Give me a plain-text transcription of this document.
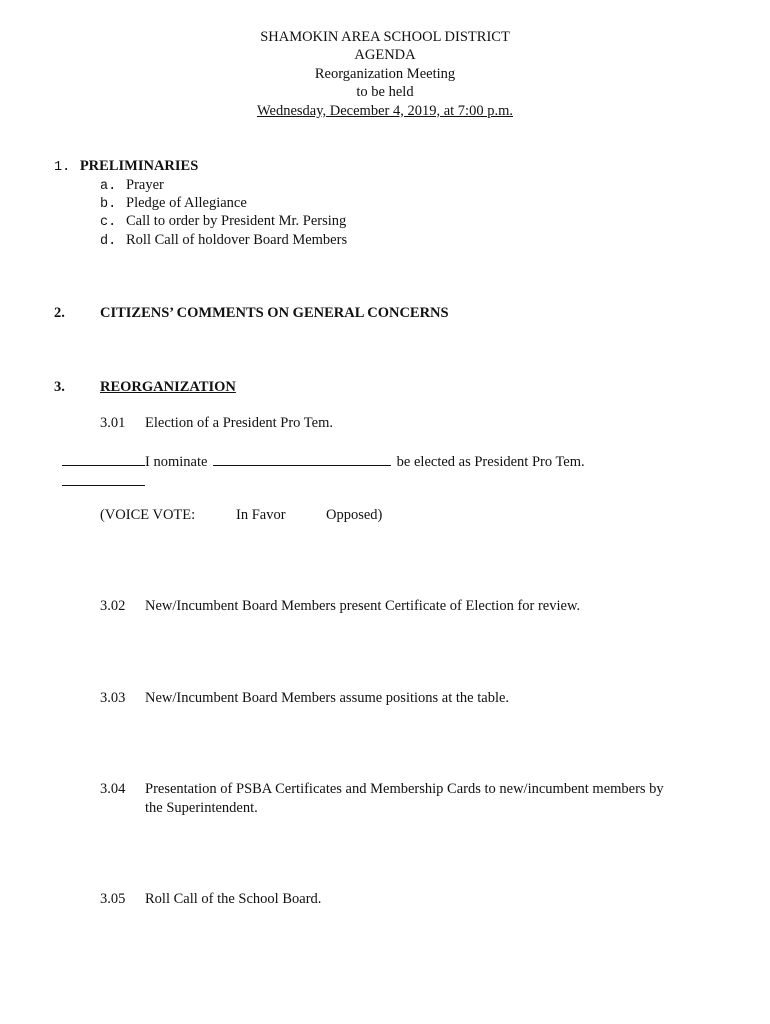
SHAMOKIN AREA SCHOOL DISTRICT
AGENDA
Reorganization Meeting
to be held
Wednesday, December 4, 2019, at 7:00 p.m.
1. PRELIMINARIES
a. Prayer
b. Pledge of Allegiance
c. Call to order by President Mr. Persing
d. Roll Call of holdover Board Members
2. CITIZENS’ COMMENTS ON GENERAL CONCERNS
3. REORGANIZATION
3.01 Election of a President Pro Tem.
I nominate	be elected as President Pro Tem.
(VOICE VOTE:	In Favor	Opposed)
3.02 New/Incumbent Board Members present Certificate of Election for review.
3.03 New/Incumbent Board Members assume positions at the table.
3.04 Presentation of PSBA Certificates and Membership Cards to new/incumbent members by
the Superintendent.
3.05 Roll Call of the School Board.
